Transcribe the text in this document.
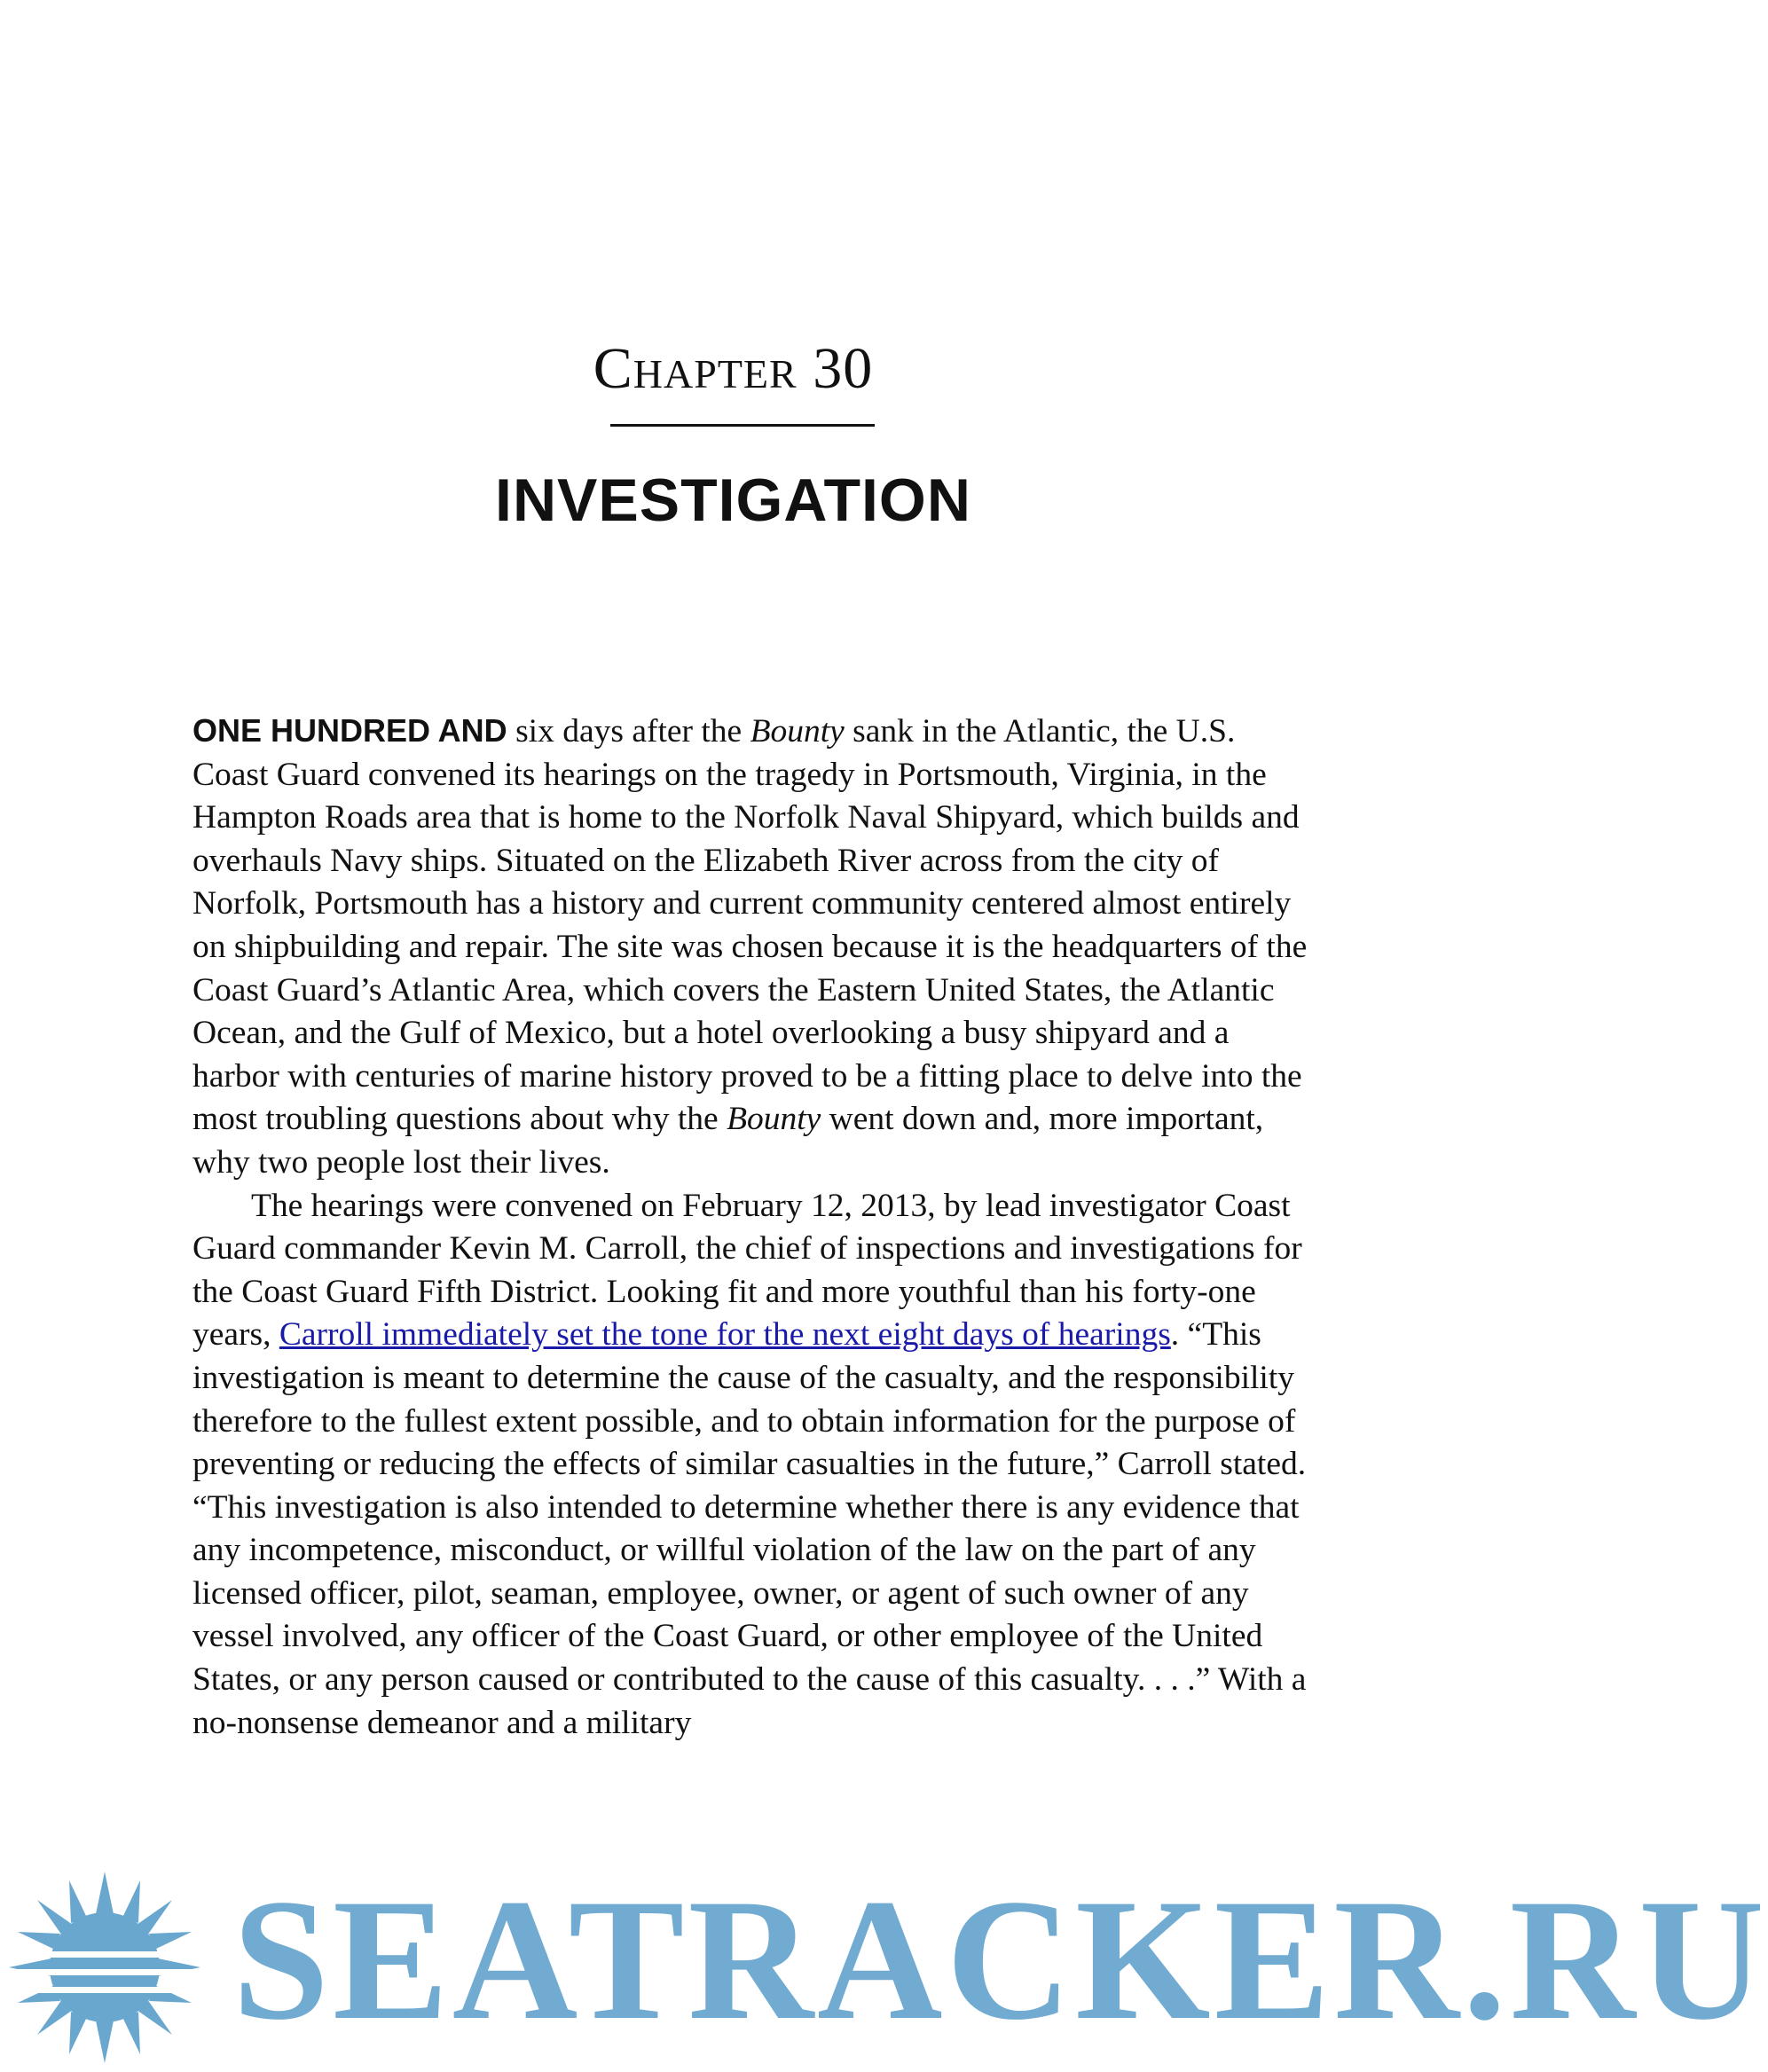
Chapter 30
INVESTIGATION

ONE HUNDRED AND six days after the Bounty sank in the Atlantic, the U.S. Coast Guard convened its hearings on the tragedy in Portsmouth, Virginia, in the Hampton Roads area that is home to the Norfolk Naval Shipyard, which builds and overhauls Navy ships. Situated on the Elizabeth River across from the city of Norfolk, Portsmouth has a history and current community centered almost entirely on shipbuilding and repair. The site was chosen because it is the headquarters of the Coast Guard’s Atlantic Area, which covers the Eastern United States, the Atlantic Ocean, and the Gulf of Mexico, but a hotel overlooking a busy shipyard and a harbor with centuries of marine history proved to be a fitting place to delve into the most troubling questions about why the Bounty went down and, more important, why two people lost their lives.

The hearings were convened on February 12, 2013, by lead investigator Coast Guard commander Kevin M. Carroll, the chief of inspections and investigations for the Coast Guard Fifth District. Looking fit and more youthful than his forty-one years, Carroll immediately set the tone for the next eight days of hearings. “This investigation is meant to determine the cause of the casualty, and the responsibility therefore to the fullest extent possible, and to obtain information for the purpose of preventing or reducing the effects of similar casualties in the future,” Carroll stated. “This investigation is also intended to determine whether there is any evidence that any incompetence, misconduct, or willful violation of the law on the part of any licensed officer, pilot, seaman, employee, owner, or agent of such owner of any vessel involved, any officer of the Coast Guard, or other employee of the United States, or any person caused or contributed to the cause of this casualty. . . .” With a no-nonsense demeanor and a military

SEATRACKER.RU
